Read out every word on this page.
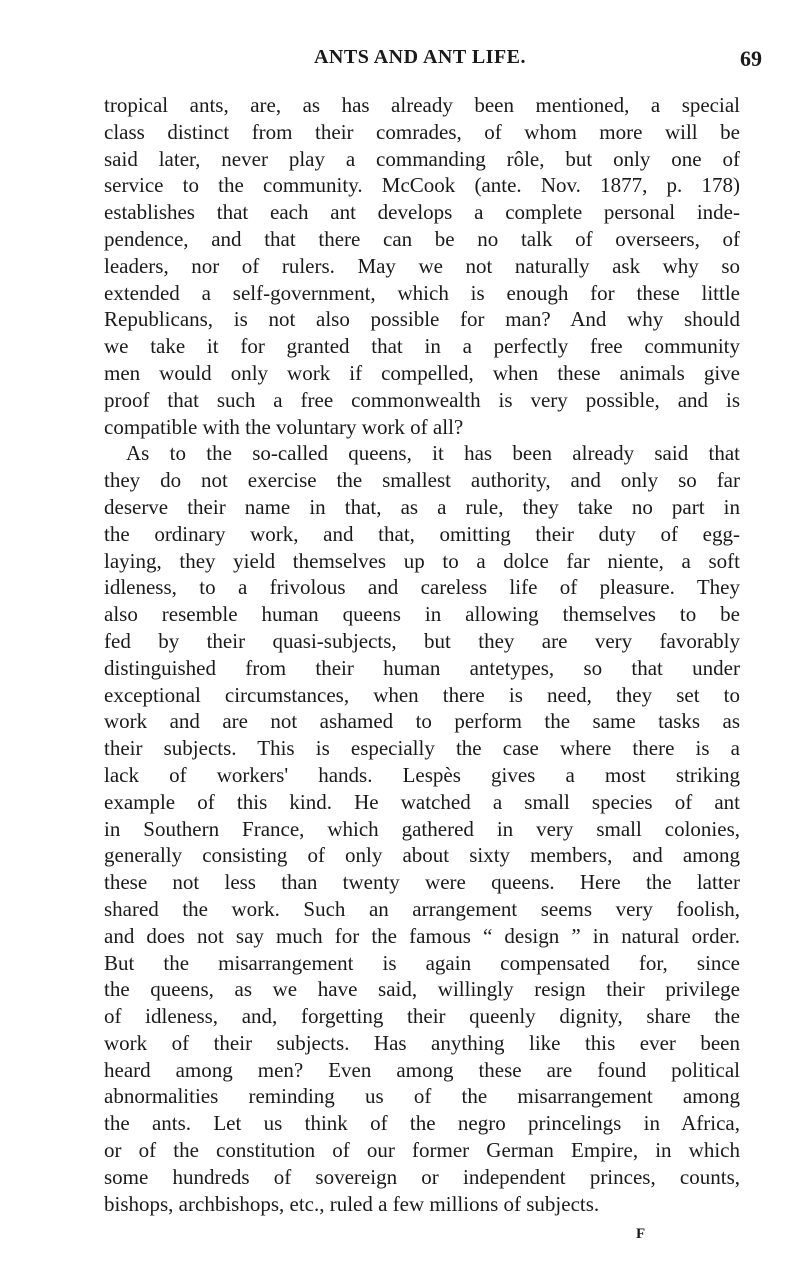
ANTS AND ANT LIFE.	69
tropical ants, are, as has already been mentioned, a special
class distinct from their comrades, of whom more will be
said later, never play a commanding rôle, but only one of
service to the community. McCook (ante. Nov. 1877, p. 178)
establishes that each ant develops a complete personal inde-
pendence, and that there can be no talk of overseers, of
leaders, nor of rulers. May we not naturally ask why so
extended a self-government, which is enough for these little
Republicans, is not also possible for man? And why should
we take it for granted that in a perfectly free community
men would only work if compelled, when these animals give
proof that such a free commonwealth is very possible, and is
compatible with the voluntary work of all?
As to the so-called queens, it has been already said that
they do not exercise the smallest authority, and only so far
deserve their name in that, as a rule, they take no part in
the ordinary work, and that, omitting their duty of egg-
laying, they yield themselves up to a dolce far niente, a soft
idleness, to a frivolous and careless life of pleasure. They
also resemble human queens in allowing themselves to be
fed by their quasi-subjects, but they are very favorably
distinguished from their human antetypes, so that under
exceptional circumstances, when there is need, they set to
work and are not ashamed to perform the same tasks as
their subjects. This is especially the case where there is a
lack of workers' hands. Lespès gives a most striking
example of this kind. He watched a small species of ant
in Southern France, which gathered in very small colonies,
generally consisting of only about sixty members, and among
these not less than twenty were queens. Here the latter
shared the work. Such an arrangement seems very foolish,
and does not say much for the famous “ design ” in natural order.
But the misarrangement is again compensated for, since
the queens, as we have said, willingly resign their privilege
of idleness, and, forgetting their queenly dignity, share the
work of their subjects. Has anything like this ever been
heard among men? Even among these are found political
abnormalities reminding us of the misarrangement among
the ants. Let us think of the negro princelings in Africa,
or of the constitution of our former German Empire, in which
some hundreds of sovereign or independent princes, counts,
bishops, archbishops, etc., ruled a few millions of subjects.
F
